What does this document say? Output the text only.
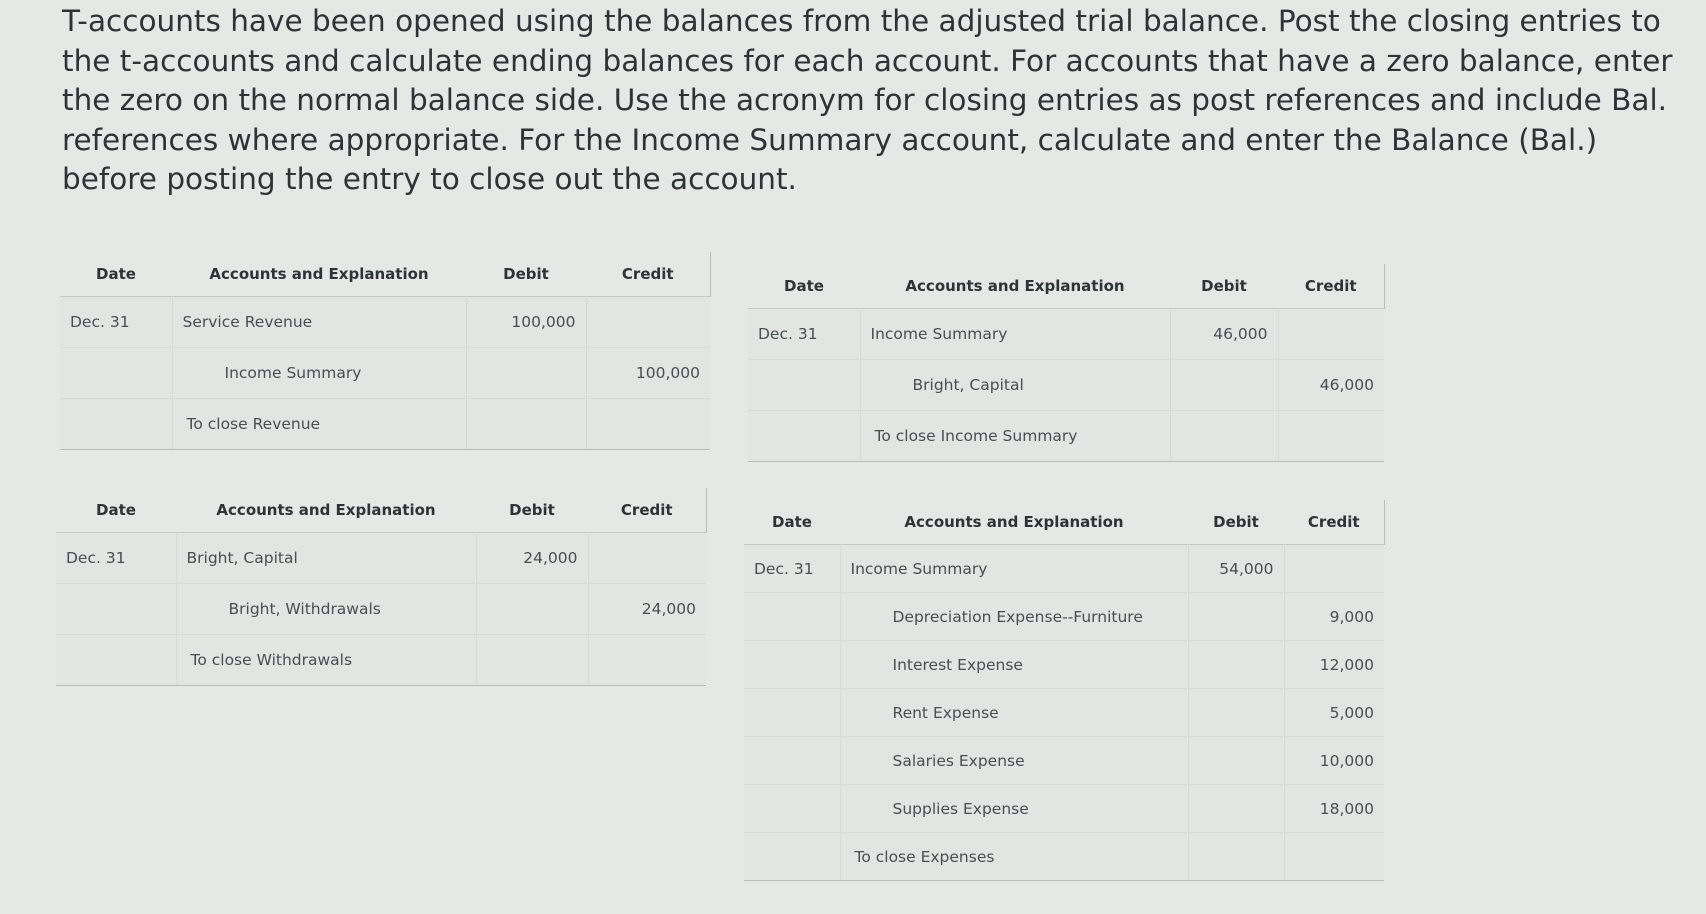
T-accounts have been opened using the balances from the adjusted trial balance. Post the closing entries to the t-accounts and calculate ending balances for each account. For accounts that have a zero balance, enter the zero on the normal balance side. Use the acronym for closing entries as post references and include Bal. references where appropriate. For the Income Summary account, calculate and enter the Balance (Bal.) before posting the entry to close out the account.

Date	Accounts and Explanation	Debit	Credit
Dec. 31	Service Revenue	100,000	
	Income Summary		100,000
	To close Revenue		
Date	Accounts and Explanation	Debit	Credit
Dec. 31	Income Summary	46,000	
	Bright, Capital		46,000
	To close Income Summary		
Date	Accounts and Explanation	Debit	Credit
Dec. 31	Bright, Capital	24,000	
	Bright, Withdrawals		24,000
	To close Withdrawals		
Date	Accounts and Explanation	Debit	Credit
Dec. 31	Income Summary	54,000	
	Depreciation Expense--Furniture		9,000
	Interest Expense		12,000
	Rent Expense		5,000
	Salaries Expense		10,000
	Supplies Expense		18,000
	To close Expenses		
